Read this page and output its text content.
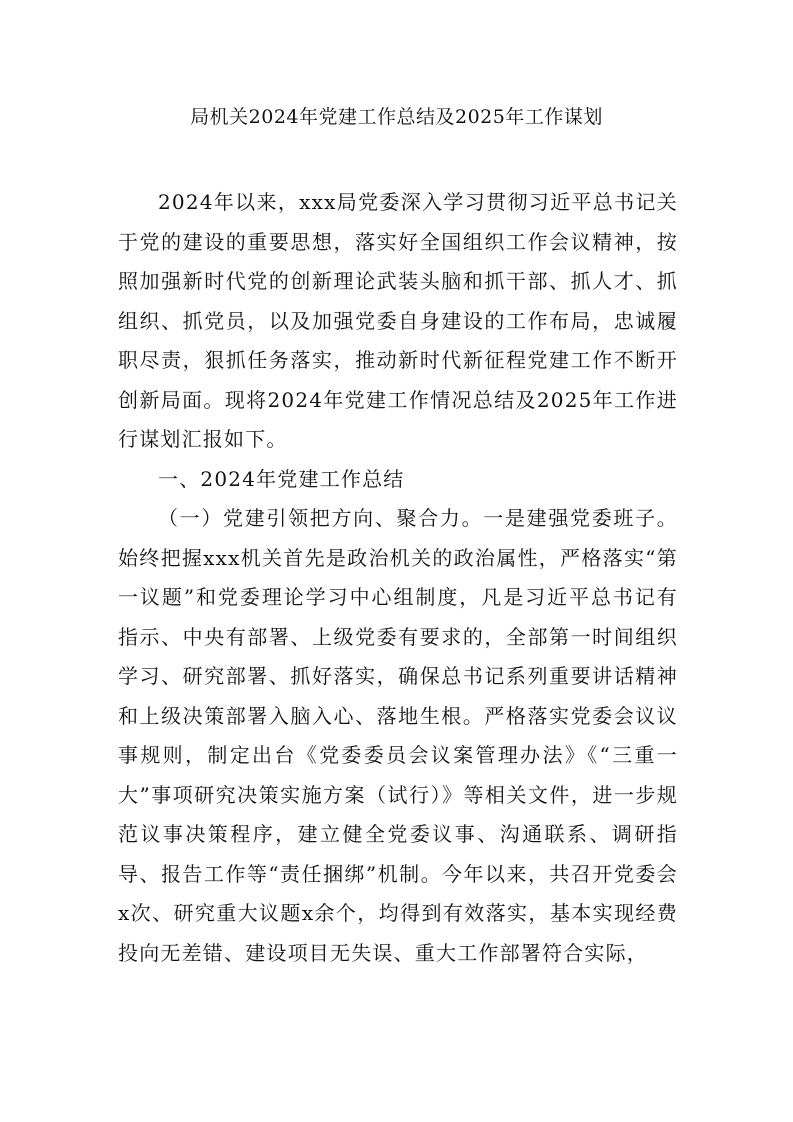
局机关2024年党建工作总结及2025年工作谋划

2024年以来，xxx局党委深入学习贯彻习近平总书记关于党的建设的重要思想，落实好全国组织工作会议精神，按照加强新时代党的创新理论武装头脑和抓干部、抓人才、抓组织、抓党员，以及加强党委自身建设的工作布局，忠诚履职尽责，狠抓任务落实，推动新时代新征程党建工作不断开创新局面。现将2024年党建工作情况总结及2025年工作进行谋划汇报如下。

一、2024年党建工作总结

（一）党建引领把方向、聚合力。一是建强党委班子。始终把握xxx机关首先是政治机关的政治属性，严格落实“第一议题”和党委理论学习中心组制度，凡是习近平总书记有指示、中央有部署、上级党委有要求的，全部第一时间组织学习、研究部署、抓好落实，确保总书记系列重要讲话精神和上级决策部署入脑入心、落地生根。严格落实党委会议议事规则，制定出台《党委委员会议案管理办法》《“三重一大”事项研究决策实施方案（试行）》等相关文件，进一步规范议事决策程序，建立健全党委议事、沟通联系、调研指导、报告工作等“责任捆绑”机制。今年以来，共召开党委会x次、研究重大议题x余个，均得到有效落实，基本实现经费投向无差错、建设项目无失误、重大工作部署符合实际，
